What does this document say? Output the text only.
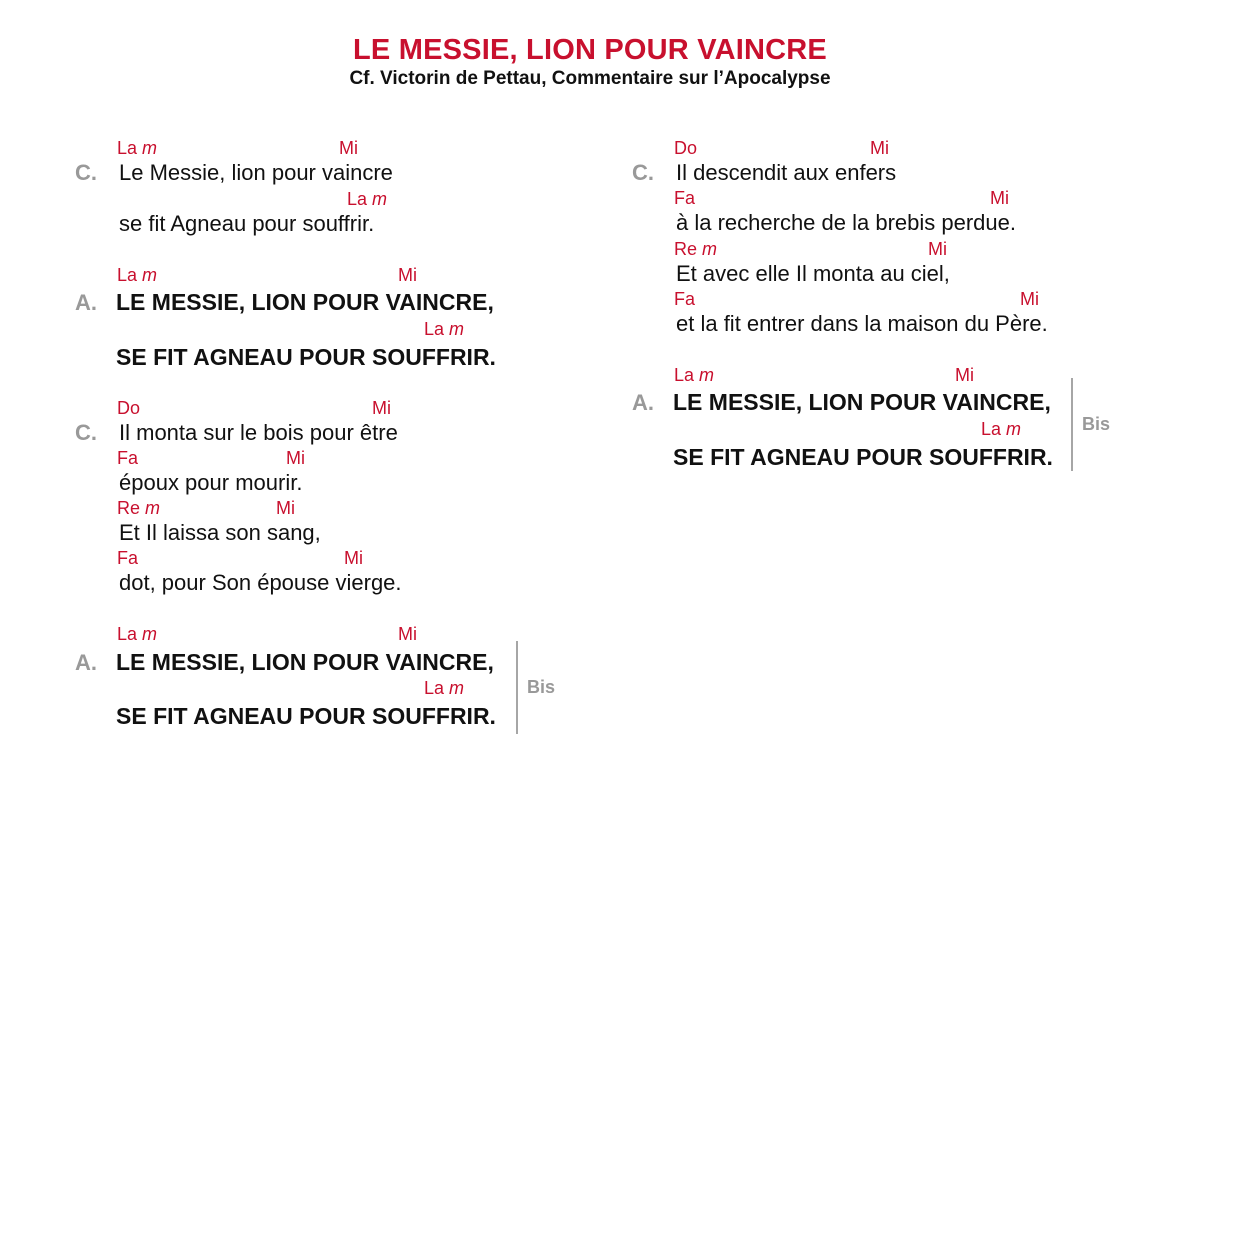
LE MESSIE, LION POUR VAINCRE
Cf. Victorin de Pettau, Commentaire sur l’Apocalypse
C.
La m	Mi
Le Messie, lion pour vaincre
La m
se fit Agneau pour souffrir.
A.
La m	Mi
LE MESSIE, LION POUR VAINCRE,
La m
SE FIT AGNEAU POUR SOUFFRIR.
C.
Do	Mi
Il monta sur le bois pour être
Fa	Mi
époux pour mourir.
Re m	Mi
Et Il laissa son sang,
Fa	Mi
dot, pour Son épouse vierge.
A.
La m	Mi
LE MESSIE, LION POUR VAINCRE,
La m
SE FIT AGNEAU POUR SOUFFRIR.
Bis
C.
Do	Mi
Il descendit aux enfers
Fa	Mi
à la recherche de la brebis perdue.
Re m	Mi
Et avec elle Il monta au ciel,
Fa	Mi
et la fit entrer dans la maison du Père.
A.
La m	Mi
LE MESSIE, LION POUR VAINCRE,
La m
SE FIT AGNEAU POUR SOUFFRIR.
Bis
